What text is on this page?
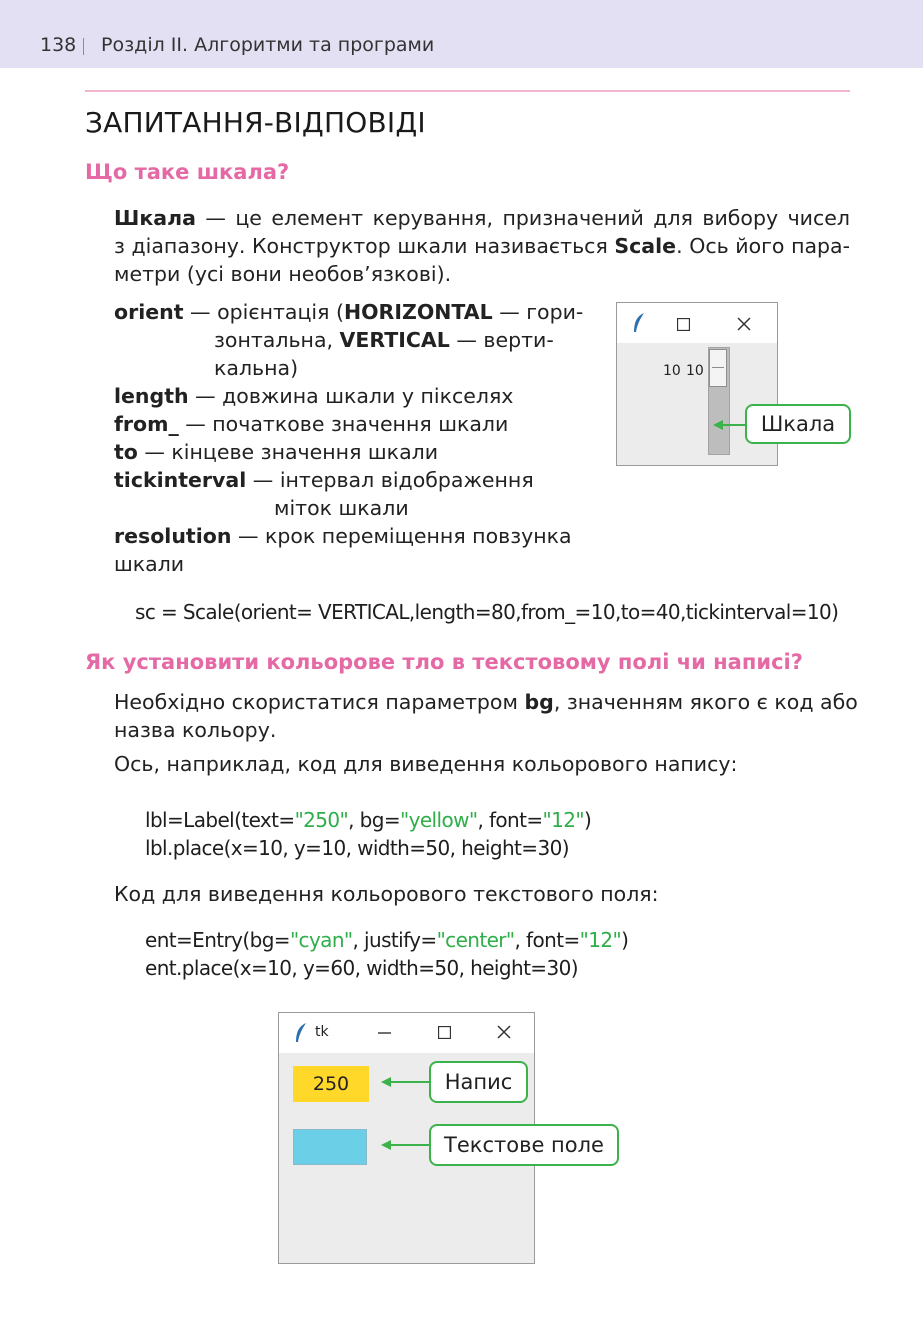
138 Розділ II. Алгоритми та програми
ЗАПИТАННЯ-ВІДПОВІДІ
Що таке шкала?
Шкала — це елемент керування, призначений для вибору чисел
з діапазону. Конструктор шкали називається Scale. Ось його пара-
метри (усі вони необов’язкові).
orient — орієнтація (HORIZONTAL — гори-
зонтальна, VERTICAL — верти-
кальна)
length — довжина шкали у пікселях
from_ — початкове значення шкали
to — кінцеве значення шкали
tickinterval — інтервал відображення
міток шкали
resolution — крок переміщення повзунка
шкали
10 10
Шкала
sc = Scale(orient= VERTICAL,length=80,from_=10,to=40,tickinterval=10)
Як установити кольорове тло в текстовому полі чи написі?
Необхідно скористатися параметром bg, значенням якого є код або
назва кольору.
Ось, наприклад, код для виведення кольорового напису:
lbl=Label(text="250", bg="yellow", font="12")
lbl.place(x=10, y=10, width=50, height=30)
Код для виведення кольорового текстового поля:
ent=Entry(bg="cyan", justify="center", font="12")
ent.place(x=10, y=60, width=50, height=30)
tk
250	Напис
Текстове поле
